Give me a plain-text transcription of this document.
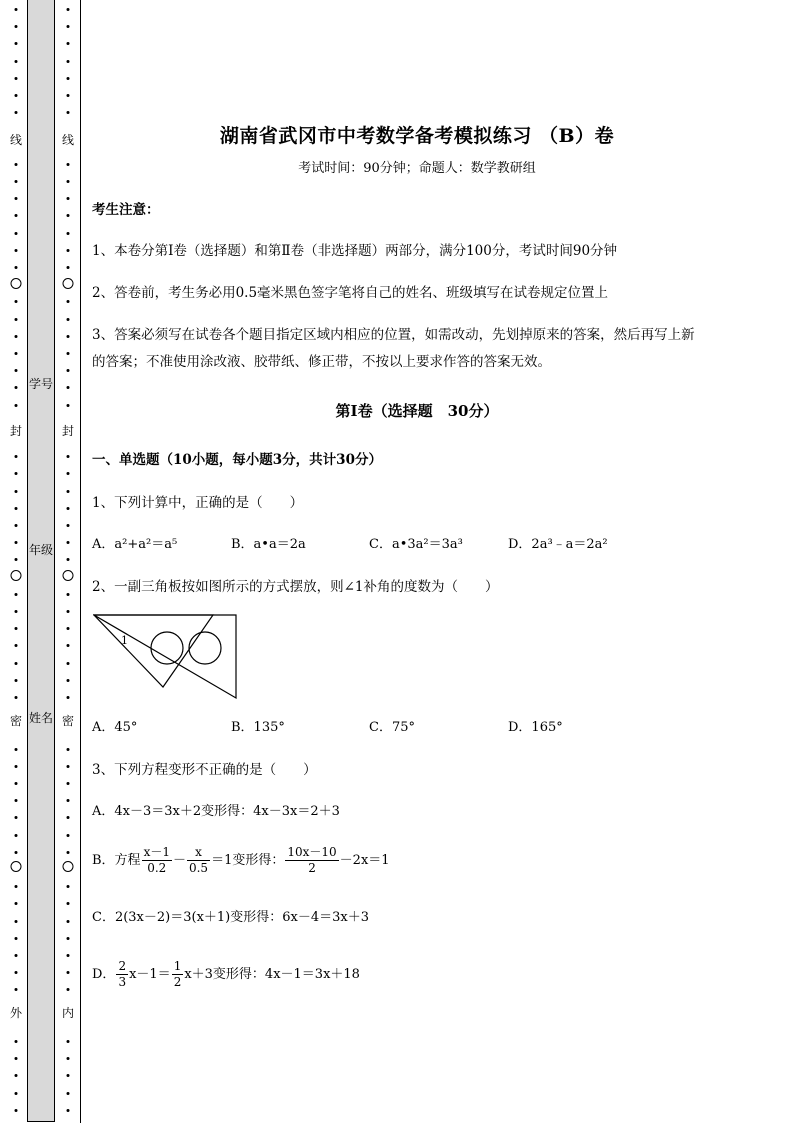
线
封
密
外
学号
年级
姓名
线
封
密
内
湖南省武冈市中考数学备考模拟练习 （B）卷
考试时间：90分钟；命题人：数学教研组
考生注意：
1、本卷分第I卷（选择题）和第Ⅱ卷（非选择题）两部分，满分100分，考试时间90分钟
2、答卷前，考生务必用0.5毫米黑色签字笔将自己的姓名、班级填写在试卷规定位置上
3、答案必须写在试卷各个题目指定区域内相应的位置，如需改动，先划掉原来的答案，然后再写上新
的答案；不准使用涂改液、胶带纸、修正带，不按以上要求作答的答案无效。
第I卷（选择题　30分）
一、单选题（10小题，每小题3分，共计30分）
1、下列计算中，正确的是（　　）
A．a²+a²＝a⁵	B．a•a＝2a	C．a•3a²＝3a³	D．2a³﹣a＝2a²
2、一副三角板按如图所示的方式摆放，则∠1补角的度数为（　　）
1
A．45°	B．135°	C．75°	D．165°
3、下列方程变形不正确的是（　　）
A．4x－3＝3x＋2变形得：4x－3x＝2＋3
B．方程 $\frac{x-1}{0.2} - \frac{x}{0.5} =1$变形得： $\frac{10x-10}{2} -2x=1$
C．2(3x－2)＝3(x＋1)变形得：6x－4＝3x＋3
D． $\frac{2}{3} x-1= \frac{1}{2} x+3$变形得：4x－1＝3x＋18
